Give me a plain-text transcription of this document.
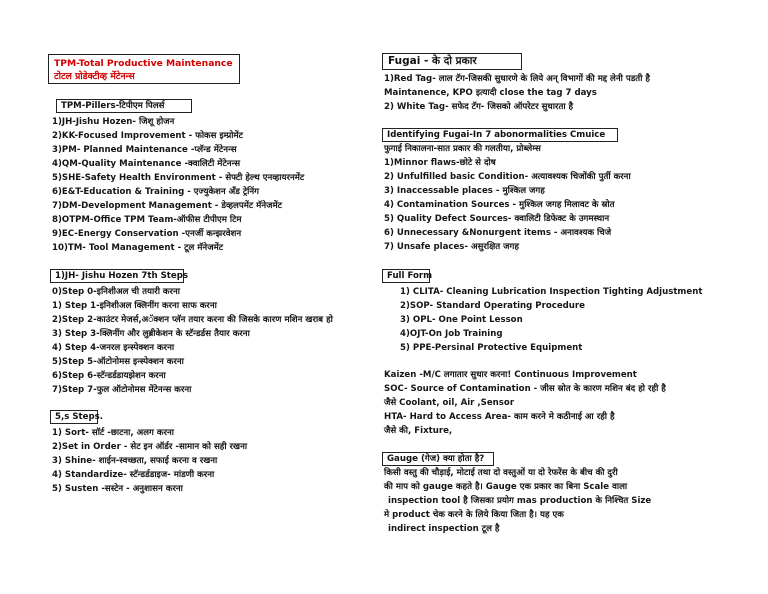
TPM-Total Productive Maintenance
टोटल प्रोडेक्टीव्ह मेंटेनन्स
TPM-Pillers-टिपीएम पिलर्स
1)JH-Jishu Hozen- जिशू होजन
2)KK-Focused Improvement - फोकस इम्प्रोमेंट
3)PM- Planned Maintenance -प्लॅन्ड मेंटेनन्स
4)QM-Quality Maintenance -क्वालिटी मेंटेनन्स
5)SHE-Safety Health Environment - सेफ्टी हेल्थ एनव्हायरनमेंट
6)E&T-Education & Training - एज्युकेशन अँड ट्रेनिंग
7)DM-Development Management - डेव्हलपमेंट मॅनेजमेंट
8)OTPM-Office TPM Team-ऑफीस टीपीएम टिम
9)EC-Energy Conservation -एनर्जी कन्झरवेशन
10)TM- Tool Management - टूल मॅनेजमेंट
1)JH- Jishu Hozen 7th Steps
0)Step 0-इनिशीअल ची तयारी करना
1) Step 1-इनिशीअल क्लिनींग करना साफ करना
2)Step 2-काउंटर मेजर्स,अॅक्शन प्लॅन तयार करना की जिसके कारण मशिन खराब हो
3) Step 3-क्लिनींग और लुब्रीकेशन के स्टॅन्डर्डस तैयार करना
4) Step 4-जनरल इन्स्पेक्शन करना
5)Step 5-ऑटोनोमस इन्स्पेक्शन करना
6)Step 6-स्टॅन्डर्डडायझेशन करना
7)Step 7-फुल ऑटोनोमस मेंटेनन्स करना
5,s Steps.
1) Sort- सॉर्ट -छाटना, अलग करना
2)Set in Order - सेट इन ऑर्डर -सामान को सही रखना
3) Shine- शाईन-स्वच्छता, सफाई करना व रखना
4) Standardize- स्टॅन्डर्डडाइज- मांडणी करना
5) Susten -सस्टेन - अनुशासन करना
Fugai - के दो प्रकार
1)Red Tag- लाल टॅग-जिसकी सुधारणे के लिये अन् विभागों की मद्द लेनी पडती है
Maintanence, KPO इत्यादी close the tag 7 days
2) White Tag- सफेद टॅग- जिसको ऑपरेटर सुधारता है
Identifying Fugai-In 7 abonormalities Cmuice
फुगाई निकालना-सात प्रकार की गलतीया, प्रोब्लेम्स
1)Minnor flaws-छोटे से दोष
2) Unfulfilled basic Condition- अत्यावश्यक चिजोंकी पुर्ती करना
3) Inaccessable places - मुश्किल जगह
4) Contamination Sources - मुश्किल जगह मिलावट के स्रोत
5) Quality Defect Sources- क्वालिटी डिफेक्ट के उगमस्थान
6) Unnecessary &Nonurgent items - अनावश्यक चिजे
7) Unsafe places- असुरक्षित जगह
Full Form
1) CLITA- Cleaning Lubrication Inspection Tighting Adjustment
2)SOP- Standard Operating Procedure
3) OPL- One Point Lesson
4)OJT-On Job Training
5) PPE-Persinal Protective Equipment
Kaizen -M/C लगातार सुधार करना! Continuous Improvement
SOC- Source of Contamination - जीस स्रोत के कारण मशिन बंद हो रही है
जैसे Coolant, oil, Air ,Sensor
HTA- Hard to Access Area- काम करने मे कठीनाई आ रही है
जैसे की, Fixture,
Gauge (गेज) क्या होता है?
किसी वस्तु की चौड़ाई, मोटाई तथा दो वस्तुओं या दो रेफरेंस के बीच की दुरी
की माप को gauge कहते है। Gauge एक प्रकार का बिना Scale वाला
inspection tool है जिसका प्रयोग mas production के निश्चित Size
मे product चेक करने के लिये किया जिता है। यह एक
indirect inspection टूल है
